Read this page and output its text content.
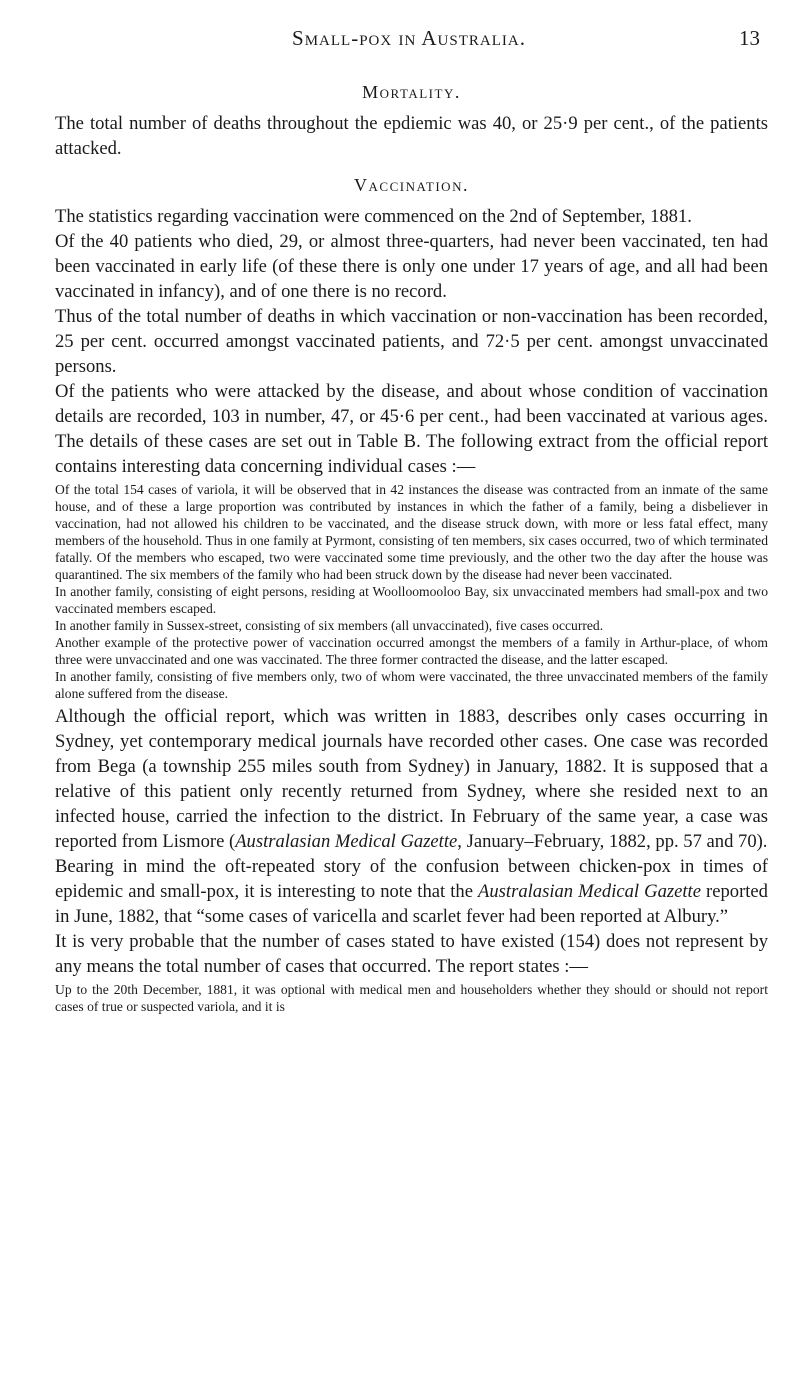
Small-pox in Australia.	13
Mortality.

The total number of deaths throughout the epdiemic was 40, or 25·9 per cent., of the patients attacked.

Vaccination.

The statistics regarding vaccination were commenced on the 2nd of September, 1881.

Of the 40 patients who died, 29, or almost three-quarters, had never been vaccinated, ten had been vaccinated in early life (of these there is only one under 17 years of age, and all had been vaccinated in infancy), and of one there is no record.

Thus of the total number of deaths in which vaccination or non-vaccination has been recorded, 25 per cent. occurred amongst vaccinated patients, and 72·5 per cent. amongst unvaccinated persons.

Of the patients who were attacked by the disease, and about whose condition of vaccination details are recorded, 103 in number, 47, or 45·6 per cent., had been vaccinated at various ages. The details of these cases are set out in Table B. The following extract from the official report contains interesting data concerning individual cases :—

Of the total 154 cases of variola, it will be observed that in 42 instances the disease was contracted from an inmate of the same house, and of these a large proportion was contributed by instances in which the father of a family, being a disbeliever in vaccination, had not allowed his children to be vaccinated, and the disease struck down, with more or less fatal effect, many members of the household. Thus in one family at Pyrmont, consisting of ten members, six cases occurred, two of which terminated fatally. Of the members who escaped, two were vaccinated some time previously, and the other two the day after the house was quarantined. The six members of the family who had been struck down by the disease had never been vaccinated.

In another family, consisting of eight persons, residing at Woolloomooloo Bay, six unvaccinated members had small-pox and two vaccinated members escaped.

In another family in Sussex-street, consisting of six members (all unvaccinated), five cases occurred.

Another example of the protective power of vaccination occurred amongst the members of a family in Arthur-place, of whom three were unvaccinated and one was vaccinated. The three former contracted the disease, and the latter escaped.

In another family, consisting of five members only, two of whom were vaccinated, the three unvaccinated members of the family alone suffered from the disease.

Although the official report, which was written in 1883, describes only cases occurring in Sydney, yet contemporary medical journals have recorded other cases. One case was recorded from Bega (a township 255 miles south from Sydney) in January, 1882. It is supposed that a relative of this patient only recently returned from Sydney, where she resided next to an infected house, carried the infection to the district. In February of the same year, a case was reported from Lismore (Australasian Medical Gazette, January–February, 1882, pp. 57 and 70).

Bearing in mind the oft-repeated story of the confusion between chicken-pox in times of epidemic and small-pox, it is interesting to note that the Australasian Medical Gazette reported in June, 1882, that “some cases of varicella and scarlet fever had been reported at Albury.”

It is very probable that the number of cases stated to have existed (154) does not represent by any means the total number of cases that occurred. The report states :—

Up to the 20th December, 1881, it was optional with medical men and householders whether they should or should not report cases of true or suspected variola, and it is
